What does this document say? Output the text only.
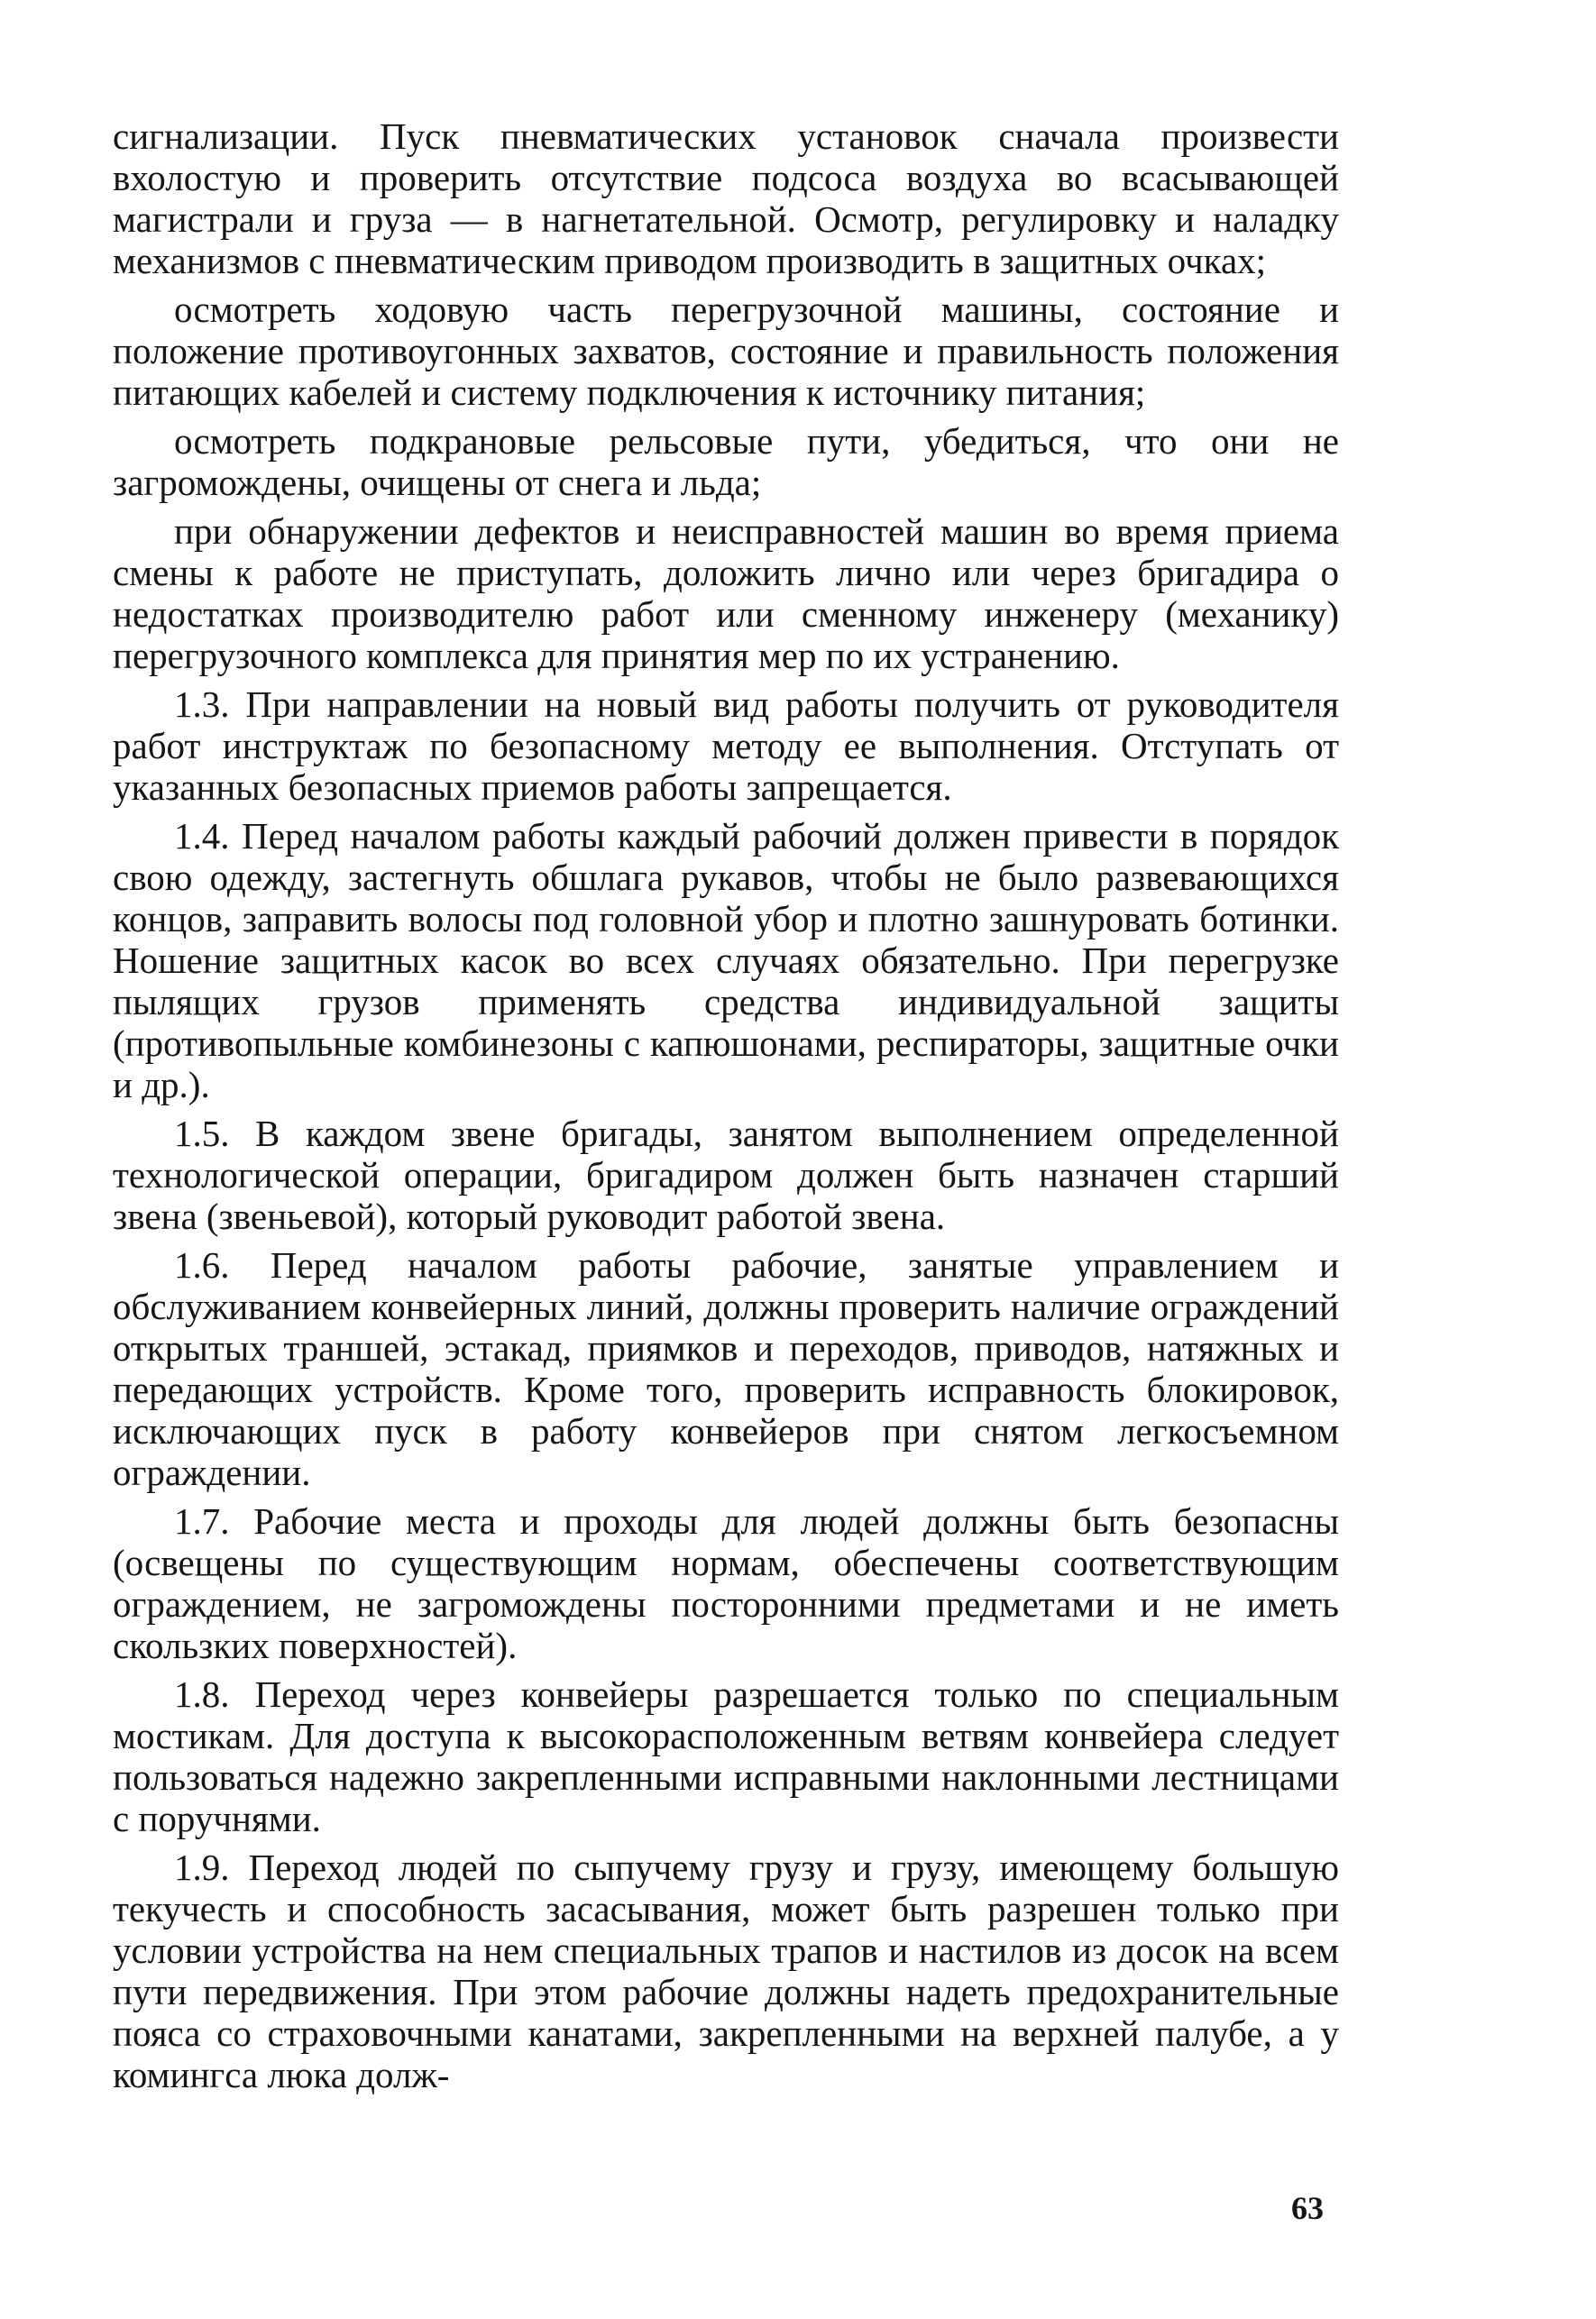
сигнализации. Пуск пневматических установок сначала произвести вхолостую и проверить отсутствие подсоса воздуха во всасывающей магистрали и груза — в нагнетательной. Осмотр, регулировку и наладку механизмов с пневматическим приводом производить в защитных очках;

осмотреть ходовую часть перегрузочной машины, состояние и положение противоугонных захватов, состояние и правильность положения питающих кабелей и систему подключения к источнику питания;

осмотреть подкрановые рельсовые пути, убедиться, что они не загромождены, очищены от снега и льда;

при обнаружении дефектов и неисправностей машин во время приема смены к работе не приступать, доложить лично или через бригадира о недостатках производителю работ или сменному инженеру (механику) перегрузочного комплекса для принятия мер по их устранению.

1.3. При направлении на новый вид работы получить от руководителя работ инструктаж по безопасному методу ее выполнения. Отступать от указанных безопасных приемов работы запрещается.

1.4. Перед началом работы каждый рабочий должен привести в порядок свою одежду, застегнуть обшлага рукавов, чтобы не было развевающихся концов, заправить волосы под головной убор и плотно зашнуровать ботинки. Ношение защитных касок во всех случаях обязательно. При перегрузке пылящих грузов применять средства индивидуальной защиты (противопыльные комбинезоны с капюшонами, респираторы, защитные очки и др.).

1.5. В каждом звене бригады, занятом выполнением определенной технологической операции, бригадиром должен быть назначен старший звена (звеньевой), который руководит работой звена.

1.6. Перед началом работы рабочие, занятые управлением и обслуживанием конвейерных линий, должны проверить наличие ограждений открытых траншей, эстакад, приямков и переходов, приводов, натяжных и передающих устройств. Кроме того, проверить исправность блокировок, исключающих пуск в работу конвейеров при снятом легкосъемном ограждении.

1.7. Рабочие места и проходы для людей должны быть безопасны (освещены по существующим нормам, обеспечены соответствующим ограждением, не загромождены посторонними предметами и не иметь скользких поверхностей).

1.8. Переход через конвейеры разрешается только по специальным мостикам. Для доступа к высокорасположенным ветвям конвейера следует пользоваться надежно закрепленными исправными наклонными лестницами с поручнями.

1.9. Переход людей по сыпучему грузу и грузу, имеющему большую текучесть и способность засасывания, может быть разрешен только при условии устройства на нем специальных трапов и настилов из досок на всем пути передвижения. При этом рабочие должны надеть предохранительные пояса со страховочными канатами, закрепленными на верхней палубе, а у комингса люка долж-

63
